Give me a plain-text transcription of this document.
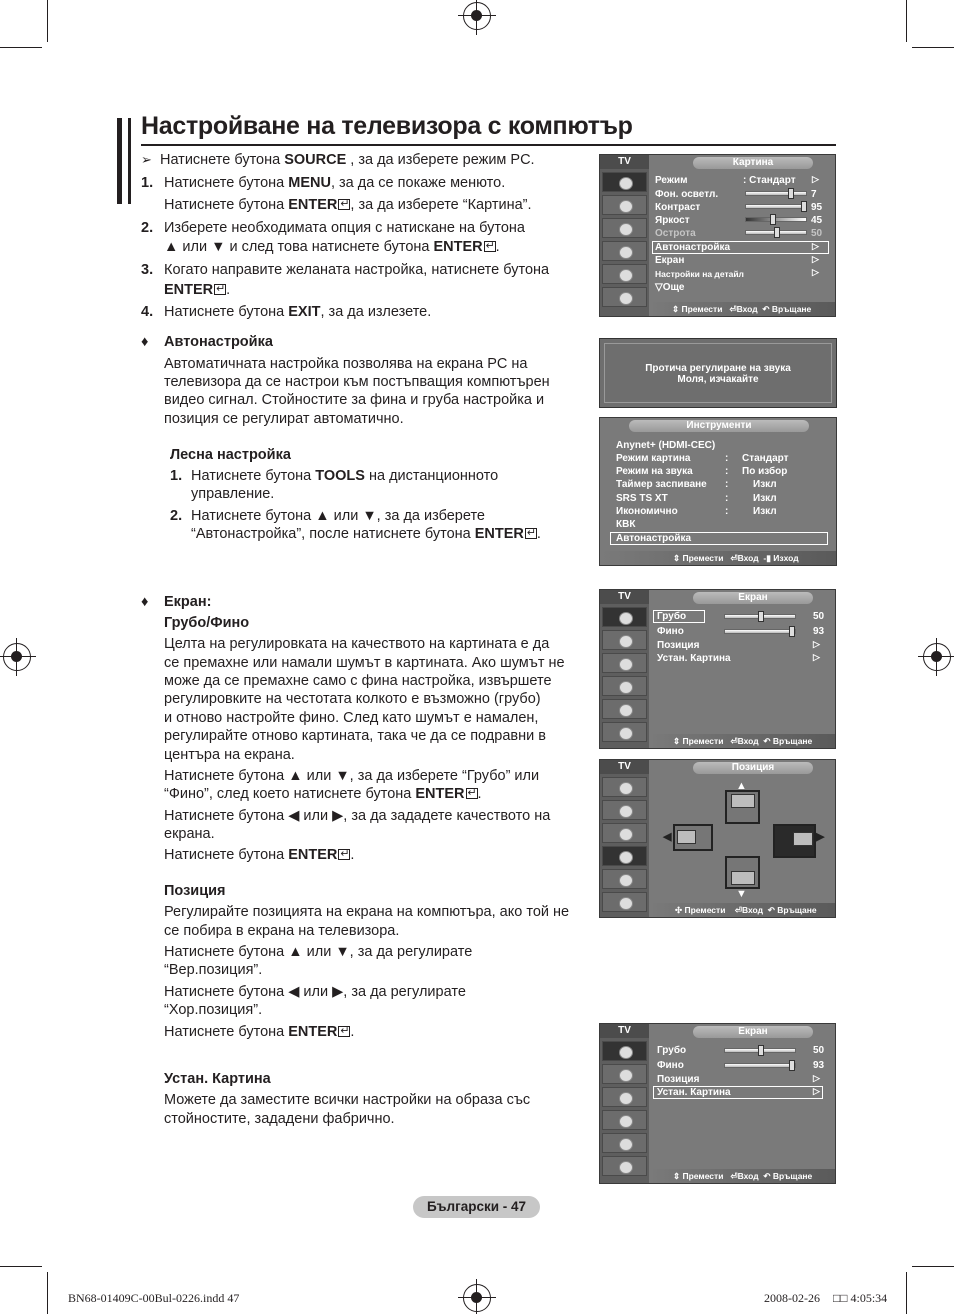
Настройване на телевизора с компютър
➢ Натиснете бутона SOURCE , за да изберете режим PC.
1. Натиснете бутона MENU, за да се покаже менюто.
Натиснете бутона ENTER ↵ , за да изберете “Картина”.
2. Изберете необходимата опция с натискане на бутона
▲ или ▼ и след това натиснете бутона ENTER ↵ .
3. Когато направите желаната настройка, натиснете бутона
ENTER ↵ .
4. Натиснете бутона EXIT, за да излезете.
♦ Автонастройка
Автоматичната настройка позволява на екрана PC на
телевизора да се настрои към постъпващия компютърен
видео сигнал. Стойностите за фина и груба настройка и
позиция се регулират автоматично.
Лесна настройка
1. Натиснете бутона TOOLS на дистанционното
управление.
2. Натиснете бутона ▲ или ▼, за да изберете
“Автонастройка”, после натиснете бутона ENTER ↵ .
♦ Екран:
Грубо/Фино
Целта на регулировката на качеството на картината е да
се премахне или намали шумът в картината. Ако шумът не
може да се премахне само с фина настройка, извършете
регулировките на честотата колкото е възможно (грубо)
и отново настройте фино. След като шумът е намален,
регулирайте отново картината, така че да се подравни в
центъра на екрана.
Натиснете бутона ▲ или ▼, за да изберете “Грубо” или
“Фино”, след което натиснете бутона ENTER ↵ .
Натиснете бутона ◀ или ▶, за да зададете качеството на
екрана.
Натиснете бутона ENTER ↵ .
Позиция
Регулирайте позицията на екрана на компютъра, ако той не
се побира в екрана на телевизора.
Натиснете бутона ▲ или ▼, за да регулирате
“Вер.позиция”.
Натиснете бутона ◀ или ▶, за да регулирате
“Хор.позиция”.
Натиснете бутона ENTER ↵ .
Устан. Картина
Можете да заместите всички настройки на образа със
стойностите, зададени фабрично.
TV	Картина
Режим	: Стандарт ▷
Фон. осветл.	7
Контраст	95
Яркост	45
Острота	50
Автонастройка	▷
Екран	▷
Настройки на детайл	▷
▽Още
⇕ Премести   ⏎Вход  ↶ Връщане
Протича регулиране на звука
Моля, изчакайте
Инструменти
Anynet+ (HDMI-CEC)
Режим картина	: Стандарт
Режим на звука	: По избор
Таймер заспиване : Изкл
SRS TS XT	: Изкл
Икономично	: Изкл
КВК
Автонастройка
⇕ Премести   ⏎Вход  -▮ Изход
TV	Екран
Грубо	50
Фино	93
Позиция	▷
Устан. Картина	▷
⇕ Премести   ⏎Вход  ↶ Връщане
TV	Позиция
▲
▼
◀	▶
✣ Премести    ⏎Вход  ↶ Връщане
TV	Екран
Грубо	50
Фино	93
Позиция	▷
Устан. Картина	▷
⇕ Премести   ⏎Вход  ↶ Връщане
Български - 47
BN68-01409C-00Bul-0226.indd 47	2008-02-26 □□ 4:05:34
